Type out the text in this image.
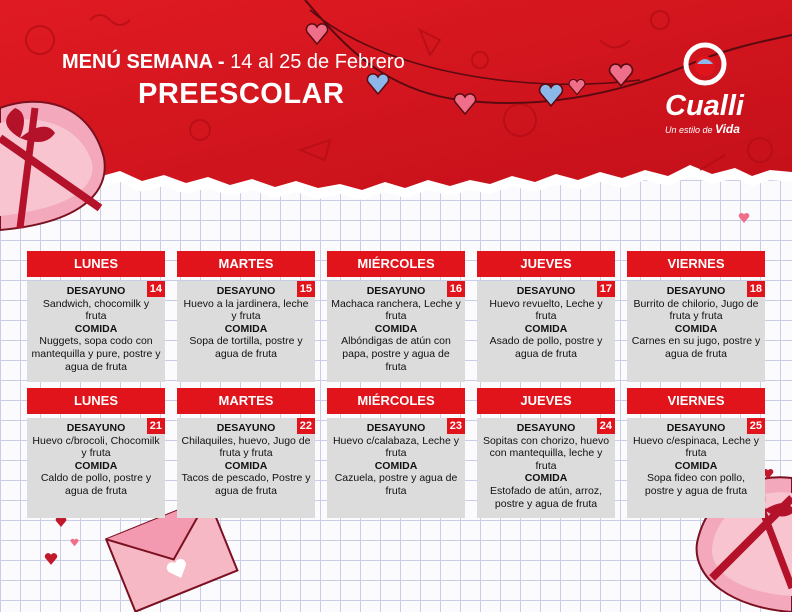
MENÚ SEMANA - 14 al 25 de Febrero
PREESCOLAR	Cualli
Un estilo de Vida
LUNES
14
DESAYUNO
Sandwich, chocomilk y fruta
COMIDA
Nuggets, sopa codo con mantequilla y pure, postre y agua de fruta
MARTES
15
DESAYUNO
Huevo a la jardinera, leche y fruta
COMIDA
Sopa de tortilla, postre y agua de fruta
MIÉRCOLES
16
DESAYUNO
Machaca ranchera, Leche y fruta
COMIDA
Albóndigas de atún con papa, postre y agua de fruta
JUEVES
17
DESAYUNO
Huevo revuelto, Leche y fruta
COMIDA
Asado de pollo, postre y agua de fruta
VIERNES
18
DESAYUNO
Burrito de chilorio, Jugo de fruta y fruta
COMIDA
Carnes en su jugo, postre y agua de fruta
LUNES
21
DESAYUNO
Huevo c/brocoli, Chocomilk y fruta
COMIDA
Caldo de pollo, postre y agua de fruta
MARTES
22
DESAYUNO
Chilaquiles, huevo, Jugo de fruta y fruta
COMIDA
Tacos de pescado, Postre y agua de fruta
MIÉRCOLES
23
DESAYUNO
Huevo c/calabaza, Leche y fruta
COMIDA
Cazuela, postre y agua de fruta
JUEVES
24
DESAYUNO
Sopitas con chorizo, huevo con mantequilla, leche y fruta
COMIDA
Estofado de atún, arroz, postre y agua de fruta
VIERNES
25
DESAYUNO
Huevo c/espinaca, Leche y fruta
COMIDA
Sopa fideo con pollo, postre y agua de fruta
